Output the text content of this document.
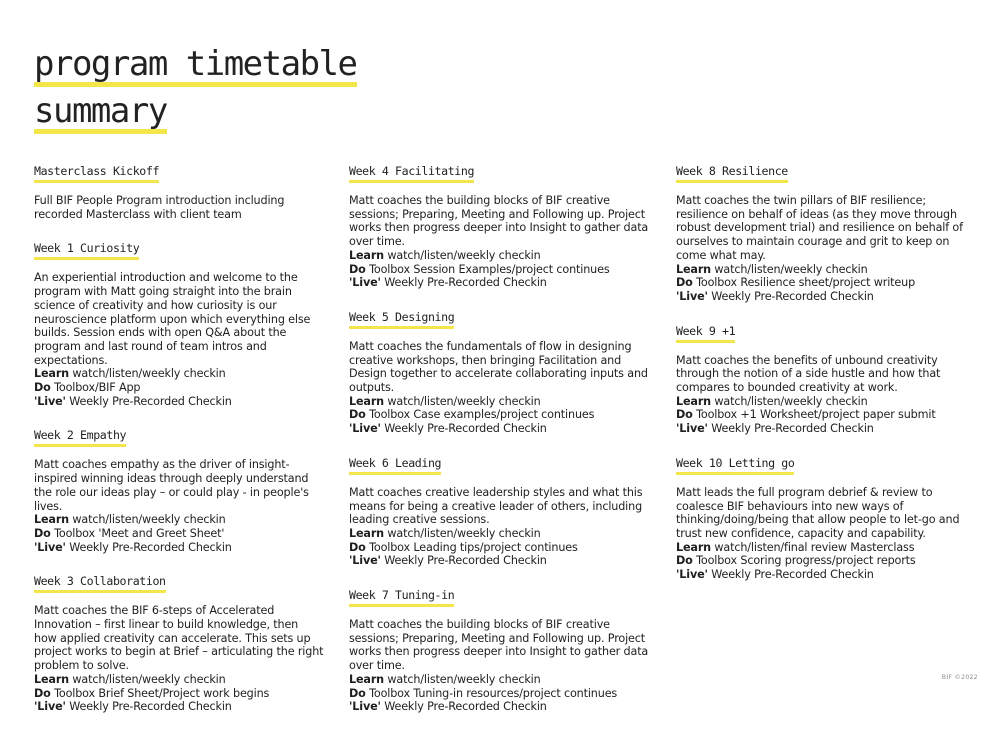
program timetable
summary
Masterclass Kickoff

Full BIF People Program introduction including recorded Masterclass with client team

Week 1 Curiosity

An experiential introduction and welcome to the program with Matt going straight into the brain science of creativity and how curiosity is our neuroscience platform upon which everything else builds. Session ends with open Q&A about the program and last round of team intros and expectations.

Learn watch/listen/weekly checkin
Do Toolbox/BIF App
'Live' Weekly Pre-Recorded Checkin
Week 2 Empathy

Matt coaches empathy as the driver of insight-inspired winning ideas through deeply understand the role our ideas play – or could play - in people's lives.

Learn watch/listen/weekly checkin
Do Toolbox 'Meet and Greet Sheet'
'Live' Weekly Pre-Recorded Checkin
Week 3 Collaboration

Matt coaches the BIF 6-steps of Accelerated Innovation – first linear to build knowledge, then how applied creativity can accelerate. This sets up project works to begin at Brief – articulating the right problem to solve.

Learn watch/listen/weekly checkin
Do Toolbox Brief Sheet/Project work begins
'Live' Weekly Pre-Recorded Checkin
Week 4 Facilitating

Matt coaches the building blocks of BIF creative sessions; Preparing, Meeting and Following up. Project works then progress deeper into Insight to gather data over time.

Learn watch/listen/weekly checkin
Do Toolbox Session Examples/project continues
'Live' Weekly Pre-Recorded Checkin
Week 5 Designing

Matt coaches the fundamentals of flow in designing creative workshops, then bringing Facilitation and Design together to accelerate collaborating inputs and outputs.

Learn watch/listen/weekly checkin
Do Toolbox Case examples/project continues
'Live' Weekly Pre-Recorded Checkin
Week 6 Leading

Matt coaches creative leadership styles and what this means for being a creative leader of others, including leading creative sessions.

Learn watch/listen/weekly checkin
Do Toolbox Leading tips/project continues
'Live' Weekly Pre-Recorded Checkin
Week 7 Tuning-in

Matt coaches the building blocks of BIF creative sessions; Preparing, Meeting and Following up. Project works then progress deeper into Insight to gather data over time.

Learn watch/listen/weekly checkin
Do Toolbox Tuning-in resources/project continues
'Live' Weekly Pre-Recorded Checkin
Week 8 Resilience

Matt coaches the twin pillars of BIF resilience; resilience on behalf of ideas (as they move through robust development trial) and resilience on behalf of ourselves to maintain courage and grit to keep on come what may.

Learn watch/listen/weekly checkin
Do Toolbox Resilience sheet/project writeup
'Live' Weekly Pre-Recorded Checkin
Week 9 +1

Matt coaches the benefits of unbound creativity through the notion of a side hustle and how that compares to bounded creativity at work.

Learn watch/listen/weekly checkin
Do Toolbox +1 Worksheet/project paper submit
'Live' Weekly Pre-Recorded Checkin
Week 10 Letting go

Matt leads the full program debrief & review to coalesce BIF behaviours into new ways of thinking/doing/being that allow people to let-go and trust new confidence, capacity and capability.

Learn watch/listen/final review Masterclass
Do Toolbox Scoring progress/project reports
'Live' Weekly Pre-Recorded Checkin
BIF ©2022
